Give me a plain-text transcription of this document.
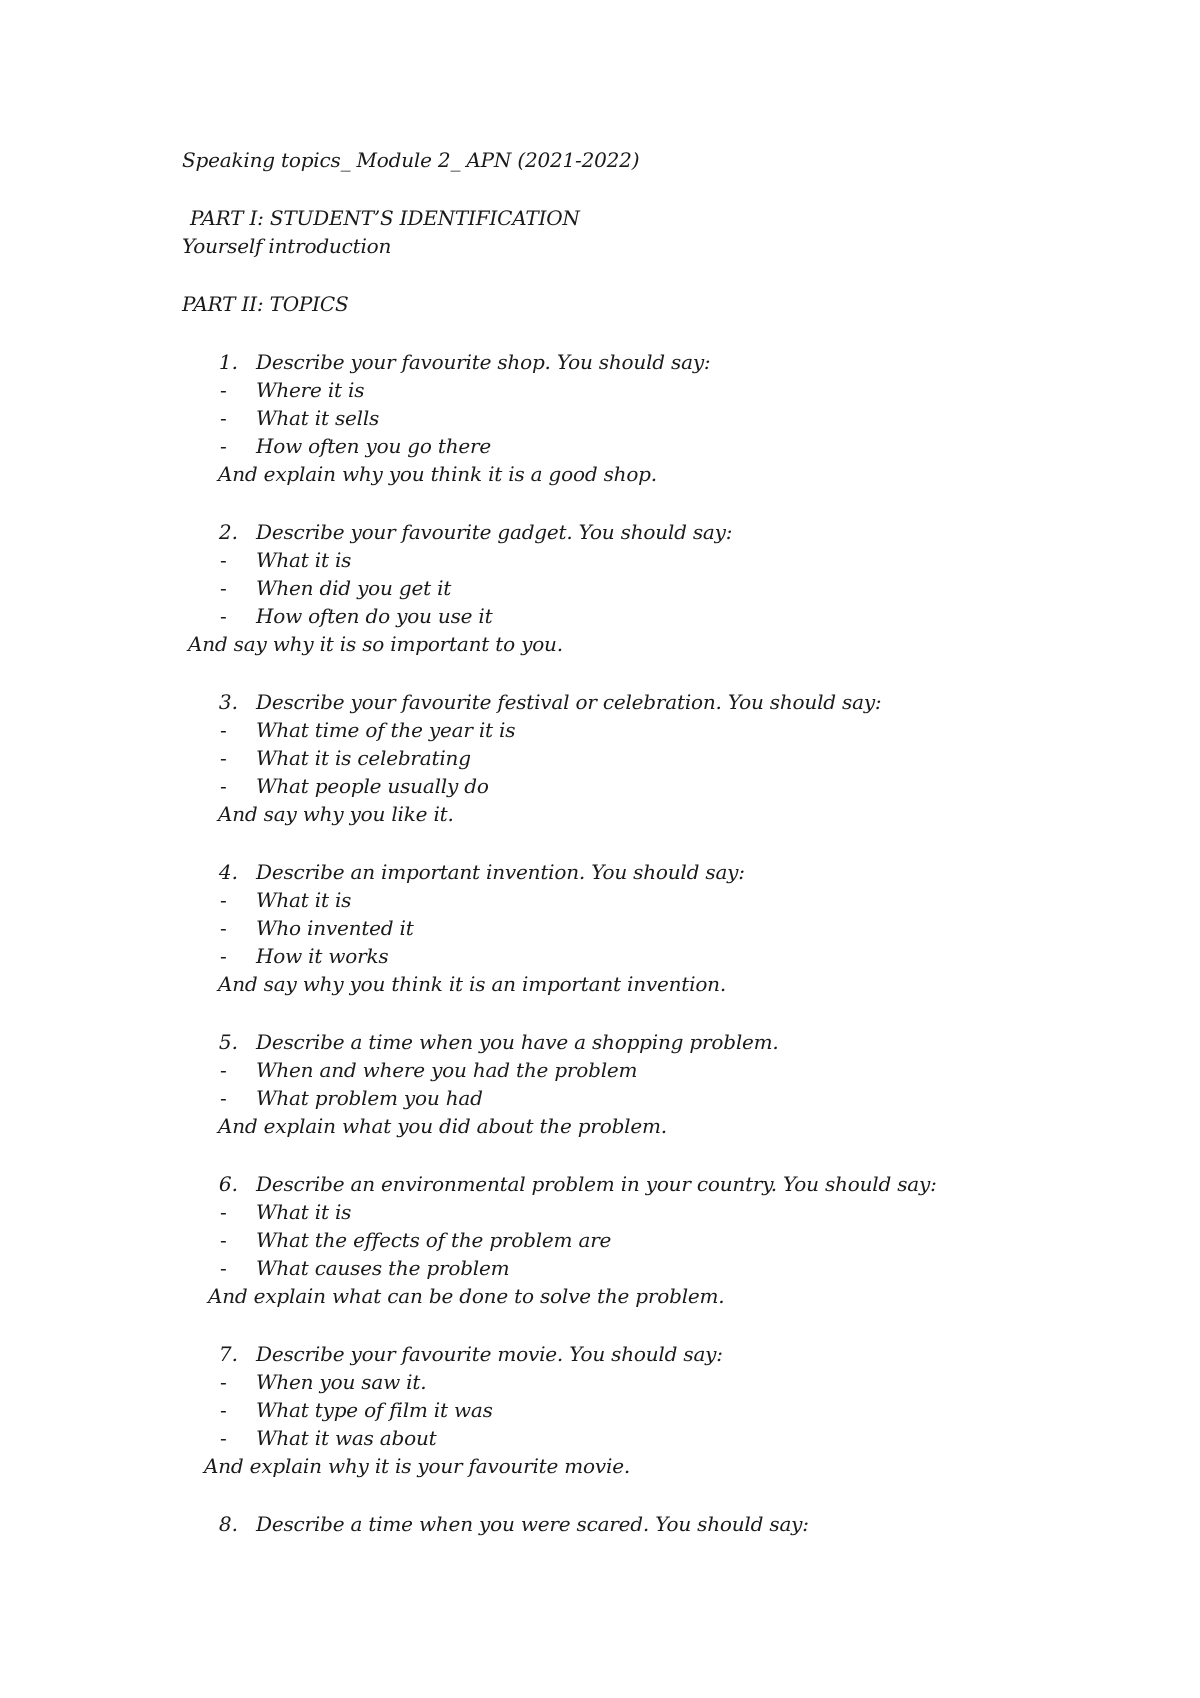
Speaking topics_ Module 2_ APN (2021-2022)
PART I: STUDENT’S IDENTIFICATION
Yourself introduction
PART II: TOPICS
1. Describe your favourite shop. You should say:
- Where it is
- What it sells
- How often you go there
And explain why you think it is a good shop.
2. Describe your favourite gadget. You should say:
- What it is
- When did you get it
- How often do you use it
And say why it is so important to you.
3. Describe your favourite festival or celebration. You should say:
- What time of the year it is
- What it is celebrating
- What people usually do
And say why you like it.
4. Describe an important invention. You should say:
- What it is
- Who invented it
- How it works
And say why you think it is an important invention.
5. Describe a time when you have a shopping problem.
- When and where you had the problem
- What problem you had
And explain what you did about the problem.
6. Describe an environmental problem in your country. You should say:
- What it is
- What the effects of the problem are
- What causes the problem
And explain what can be done to solve the problem.
7. Describe your favourite movie. You should say:
- When you saw it.
- What type of film it was
- What it was about
And explain why it is your favourite movie.
8. Describe a time when you were scared. You should say:
